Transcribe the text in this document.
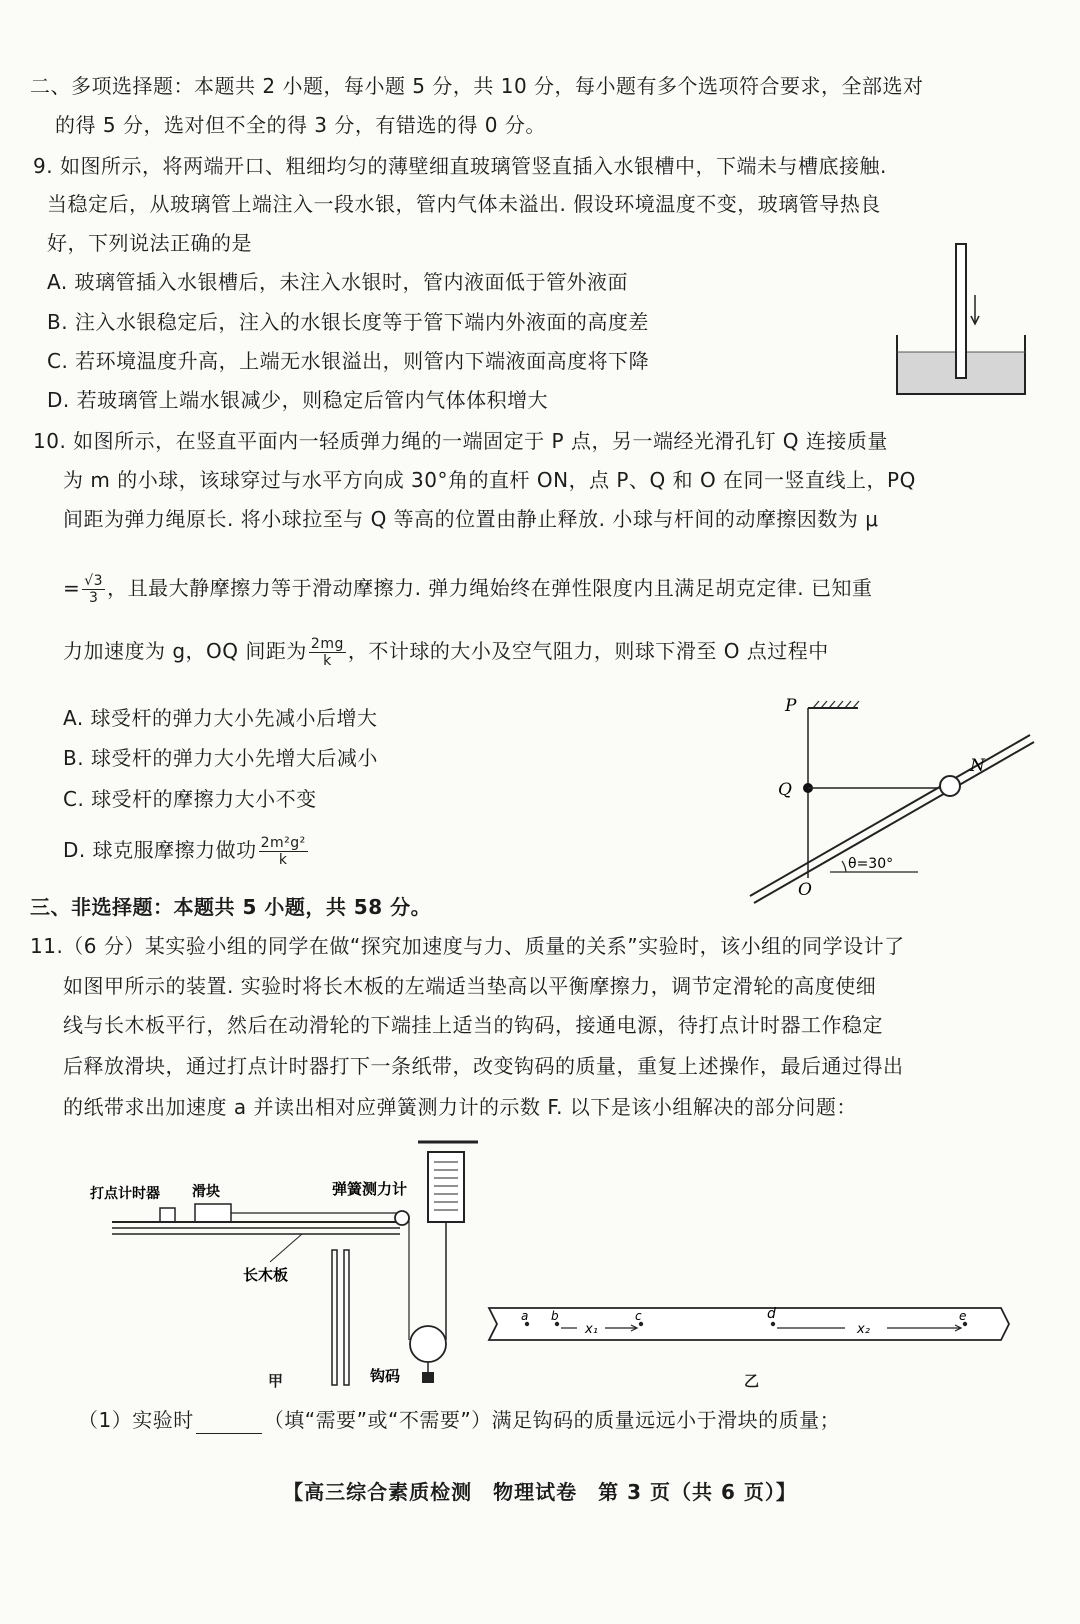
二、多项选择题：本题共 2 小题，每小题 5 分，共 10 分，每小题有多个选项符合要求，全部选对
的得 5 分，选对但不全的得 3 分，有错选的得 0 分。
9. 如图所示，将两端开口、粗细均匀的薄壁细直玻璃管竖直插入水银槽中，下端未与槽底接触.
当稳定后，从玻璃管上端注入一段水银，管内气体未溢出. 假设环境温度不变，玻璃管导热良
好，下列说法正确的是
A. 玻璃管插入水银槽后，未注入水银时，管内液面低于管外液面
B. 注入水银稳定后，注入的水银长度等于管下端内外液面的高度差
C. 若环境温度升高，上端无水银溢出，则管内下端液面高度将下降
D. 若玻璃管上端水银减少，则稳定后管内气体体积增大
10. 如图所示，在竖直平面内一轻质弹力绳的一端固定于 P 点，另一端经光滑孔钉 Q 连接质量
为 m 的小球，该球穿过与水平方向成 30°角的直杆 ON，点 P、Q 和 O 在同一竖直线上，PQ
间距为弹力绳原长. 将小球拉至与 Q 等高的位置由静止释放. 小球与杆间的动摩擦因数为 μ
= $\frac{√3}{3}$ ，且最大静摩擦力等于滑动摩擦力. 弹力绳始终在弹性限度内且满足胡克定律. 已知重
力加速度为 g，OQ 间距为 $\frac{2mg}{k}$ ，不计球的大小及空气阻力，则球下滑至 O 点过程中
A. 球受杆的弹力大小先减小后增大
B. 球受杆的弹力大小先增大后减小
C. 球受杆的摩擦力大小不变
D. 球克服摩擦力做功 $\frac{\text{2m²g²}}{k}$
P
Q
N
O
θ=30°
三、非选择题：本题共 5 小题，共 58 分。
11.（6 分）某实验小组的同学在做“探究加速度与力、质量的关系”实验时，该小组的同学设计了
如图甲所示的装置. 实验时将长木板的左端适当垫高以平衡摩擦力，调节定滑轮的高度使细
线与长木板平行，然后在动滑轮的下端挂上适当的钩码，接通电源，待打点计时器工作稳定
后释放滑块，通过打点计时器打下一条纸带，改变钩码的质量，重复上述操作，最后通过得出
的纸带求出加速度 a 并读出相对应弹簧测力计的示数 F. 以下是该小组解决的部分问题：
弹簧测力计
打点计时器 滑块
长木板
钩码
甲
a b	c	d	e
x₁	x₂
乙
（1）实验时	（填“需要”或“不需要”）满足钩码的质量远远小于滑块的质量；
【高三综合素质检测　物理试卷　第 3 页（共 6 页）】
